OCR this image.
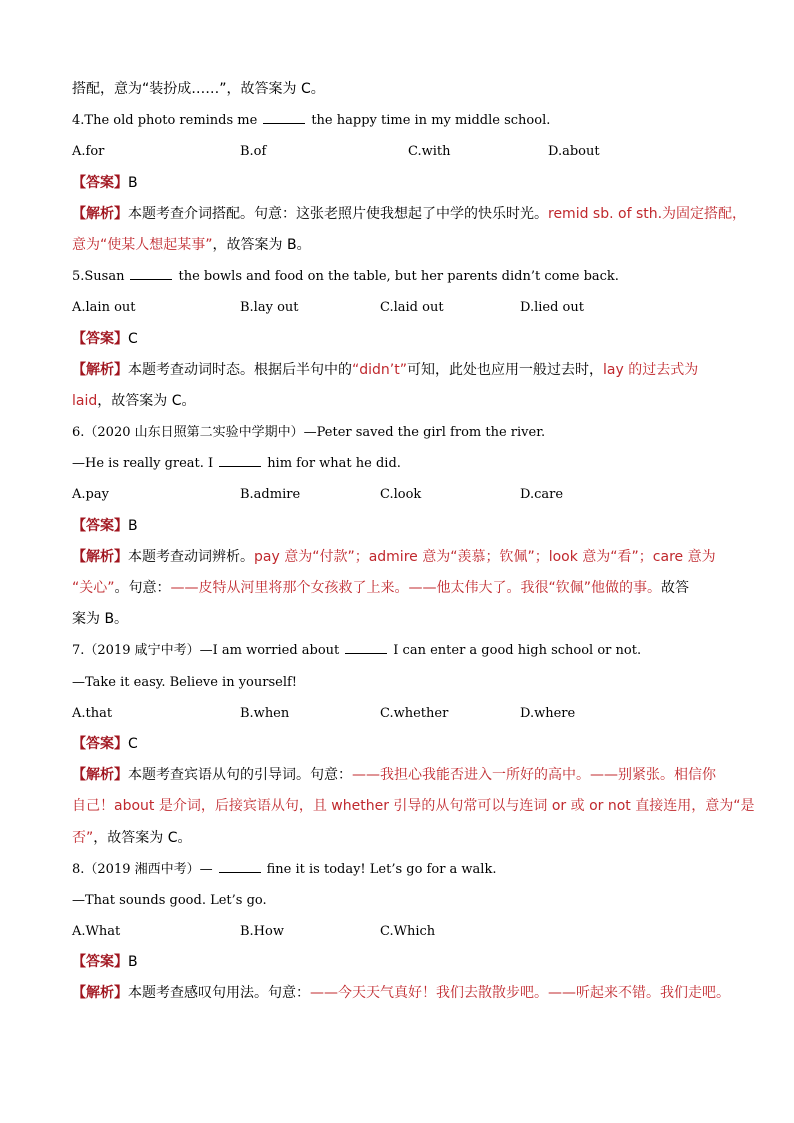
搭配，意为“装扮成……”，故答案为 C。
4.The old photo reminds me	the happy time in my middle school.
A.for	B.of	C.with	D.about
【答案】B
【解析】本题考查介词搭配。句意：这张老照片使我想起了中学的快乐时光。remid sb. of sth.为固定搭配，
意为“使某人想起某事”，故答案为 B。
5.Susan	the bowls and food on the table, but her parents didn’t come back.
A.lain out	B.lay out	C.laid out	D.lied out
【答案】C
【解析】本题考查动词时态。根据后半句中的“didn’t”可知，此处也应用一般过去时，lay 的过去式为
laid，故答案为 C。
6.（2020 山东日照第二实验中学期中）—Peter saved the girl from the river.
—He is really great. I	him for what he did.
A.pay	B.admire	C.look	D.care
【答案】B
【解析】本题考查动词辨析。pay 意为“付款”；admire 意为“羡慕；钦佩”；look 意为“看”；care 意为
“关心”。句意：——皮特从河里将那个女孩救了上来。——他太伟大了。我很“钦佩”他做的事。故答
案为 B。
7.（2019 咸宁中考）—I am worried about	I can enter a good high school or not.
—Take it easy. Believe in yourself!
A.that	B.when	C.whether	D.where
【答案】C
【解析】本题考查宾语从句的引导词。句意：——我担心我能否进入一所好的高中。——别紧张。相信你
自己！about 是介词，后接宾语从句，且 whether 引导的从句常可以与连词 or 或 or not 直接连用，意为“是
否”，故答案为 C。
8.（2019 湘西中考）—	fine it is today! Let’s go for a walk.
—That sounds good. Let’s go.
A.What	B.How	C.Which
【答案】B
【解析】本题考查感叹句用法。句意：——今天天气真好！我们去散散步吧。——听起来不错。我们走吧。
